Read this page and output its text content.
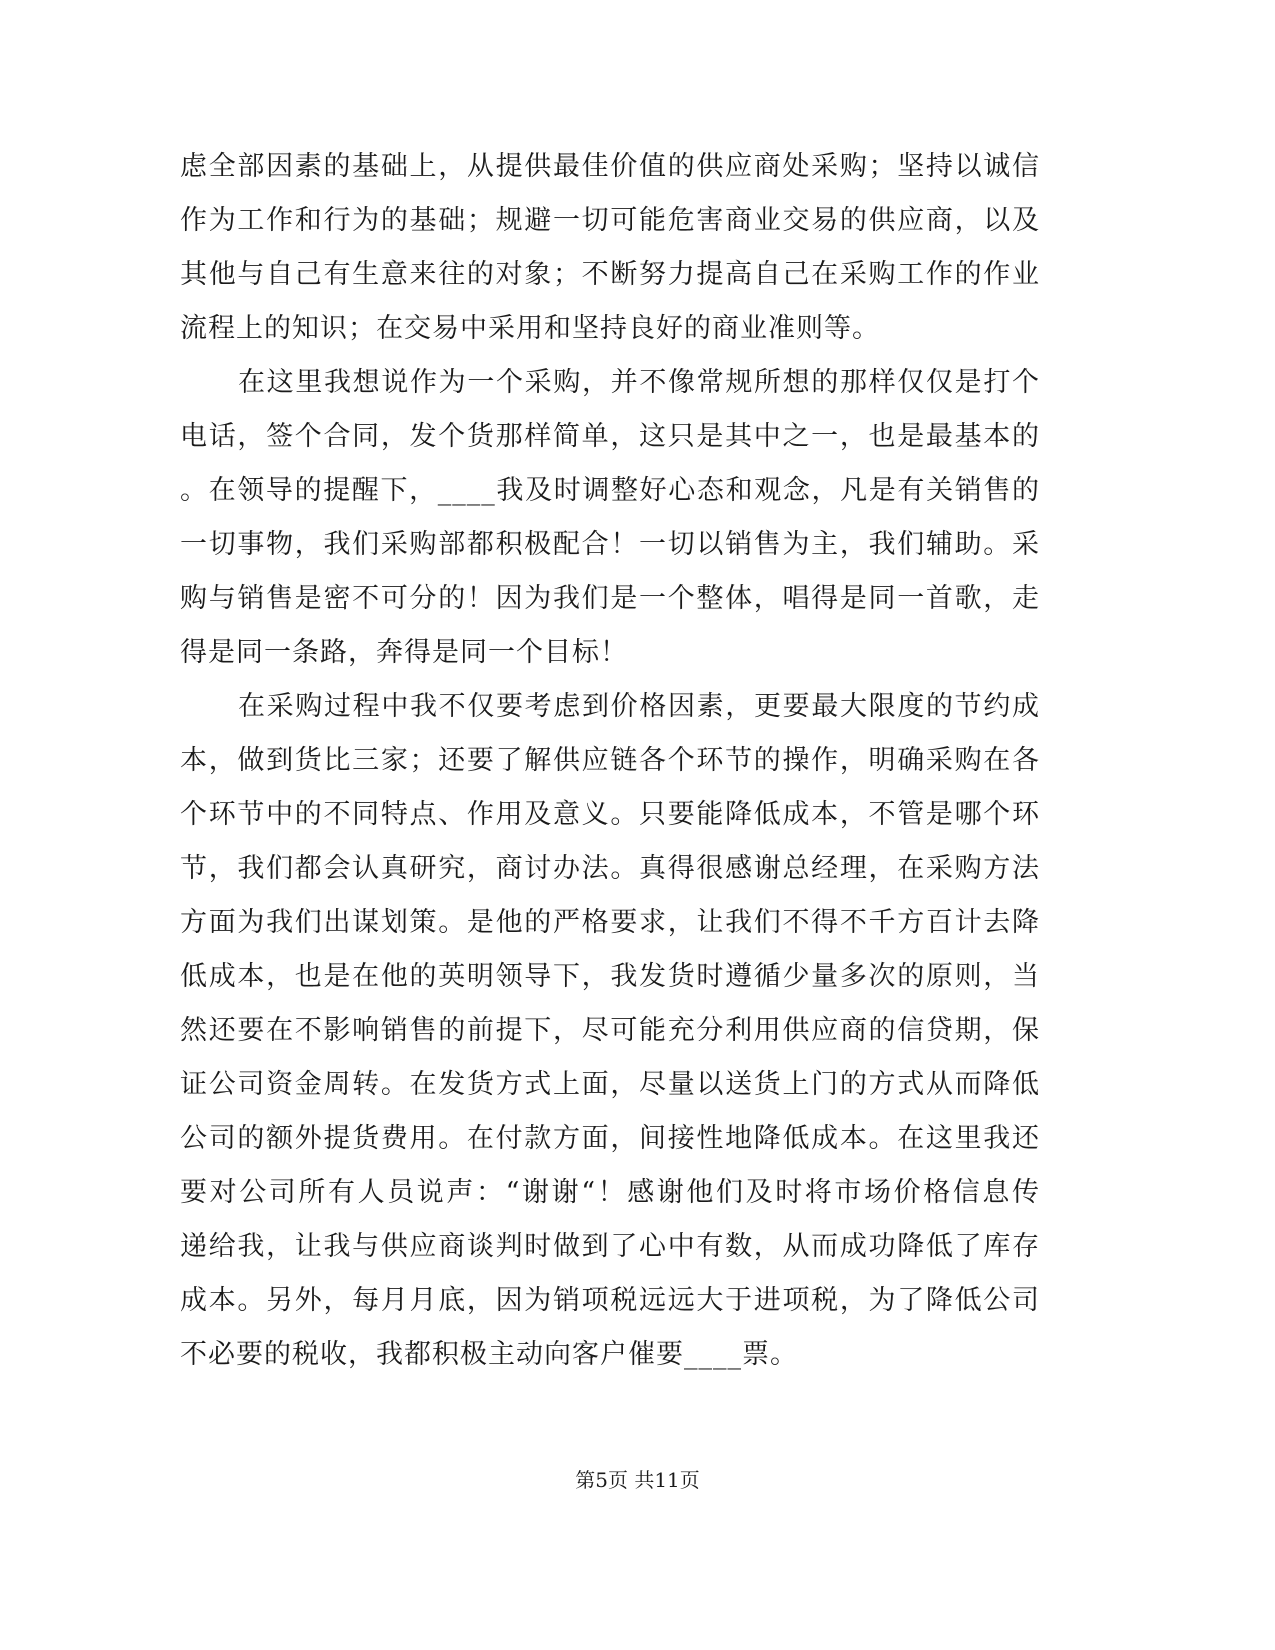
虑全部因素的基础上，从提供最佳价值的供应商处采购；坚持以诚信
作为工作和行为的基础；规避一切可能危害商业交易的供应商，以及
其他与自己有生意来往的对象；不断努力提高自己在采购工作的作业
流程上的知识；在交易中采用和坚持良好的商业准则等。
在这里我想说作为一个采购，并不像常规所想的那样仅仅是打个
电话，签个合同，发个货那样简单，这只是其中之一，也是最基本的
。在领导的提醒下，____我及时调整好心态和观念，凡是有关销售的
一切事物，我们采购部都积极配合！一切以销售为主，我们辅助。采
购与销售是密不可分的！因为我们是一个整体，唱得是同一首歌，走
得是同一条路，奔得是同一个目标！
在采购过程中我不仅要考虑到价格因素，更要最大限度的节约成
本，做到货比三家；还要了解供应链各个环节的操作，明确采购在各
个环节中的不同特点、作用及意义。只要能降低成本，不管是哪个环
节，我们都会认真研究，商讨办法。真得很感谢总经理，在采购方法
方面为我们出谋划策。是他的严格要求，让我们不得不千方百计去降
低成本，也是在他的英明领导下，我发货时遵循少量多次的原则，当
然还要在不影响销售的前提下，尽可能充分利用供应商的信贷期，保
证公司资金周转。在发货方式上面，尽量以送货上门的方式从而降低
公司的额外提货费用。在付款方面，间接性地降低成本。在这里我还
要对公司所有人员说声：“谢谢“！感谢他们及时将市场价格信息传
递给我，让我与供应商谈判时做到了心中有数，从而成功降低了库存
成本。另外，每月月底，因为销项税远远大于进项税，为了降低公司
不必要的税收，我都积极主动向客户催要____票。
第5页 共11页
